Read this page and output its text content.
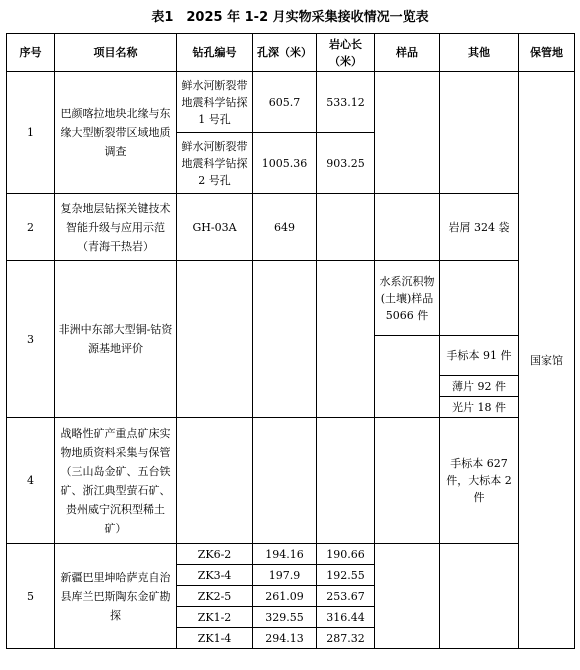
表1　2025 年 1-2 月实物采集接收情况一览表
序号	项目名称	钻孔编号	孔深（米）	岩心长（米）	样品	其他	保管地
1	巴颜喀拉地块北缘与东缘大型断裂带区域地质调查	鲜水河断裂带地震科学钻探 1 号孔	605.7	533.12			国家馆
		鲜水河断裂带地震科学钻探 2 号孔	1005.36	903.25			
2	复杂地层钻探关键技术智能升级与应用示范（青海干热岩）	GH-03A	649			岩屑 324 袋	
3	非洲中东部大型铜-钴资源基地评价				水系沉积物(土壤)样品 5066 件		
						手标本 91 件	
						薄片 92 件	
						光片 18 件	
4	战略性矿产重点矿床实物地质资料采集与保管（三山岛金矿、五台铁矿、浙江典型萤石矿、贵州威宁沉积型稀土矿）					手标本 627 件，大标本 2 件	
5	新疆巴里坤哈萨克自治县库兰巴斯陶东金矿勘探	ZK6-2	194.16	190.66			
		ZK3-4	197.9	192.55			
		ZK2-5	261.09	253.67			
		ZK1-2	329.55	316.44			
		ZK1-4	294.13	287.32			
